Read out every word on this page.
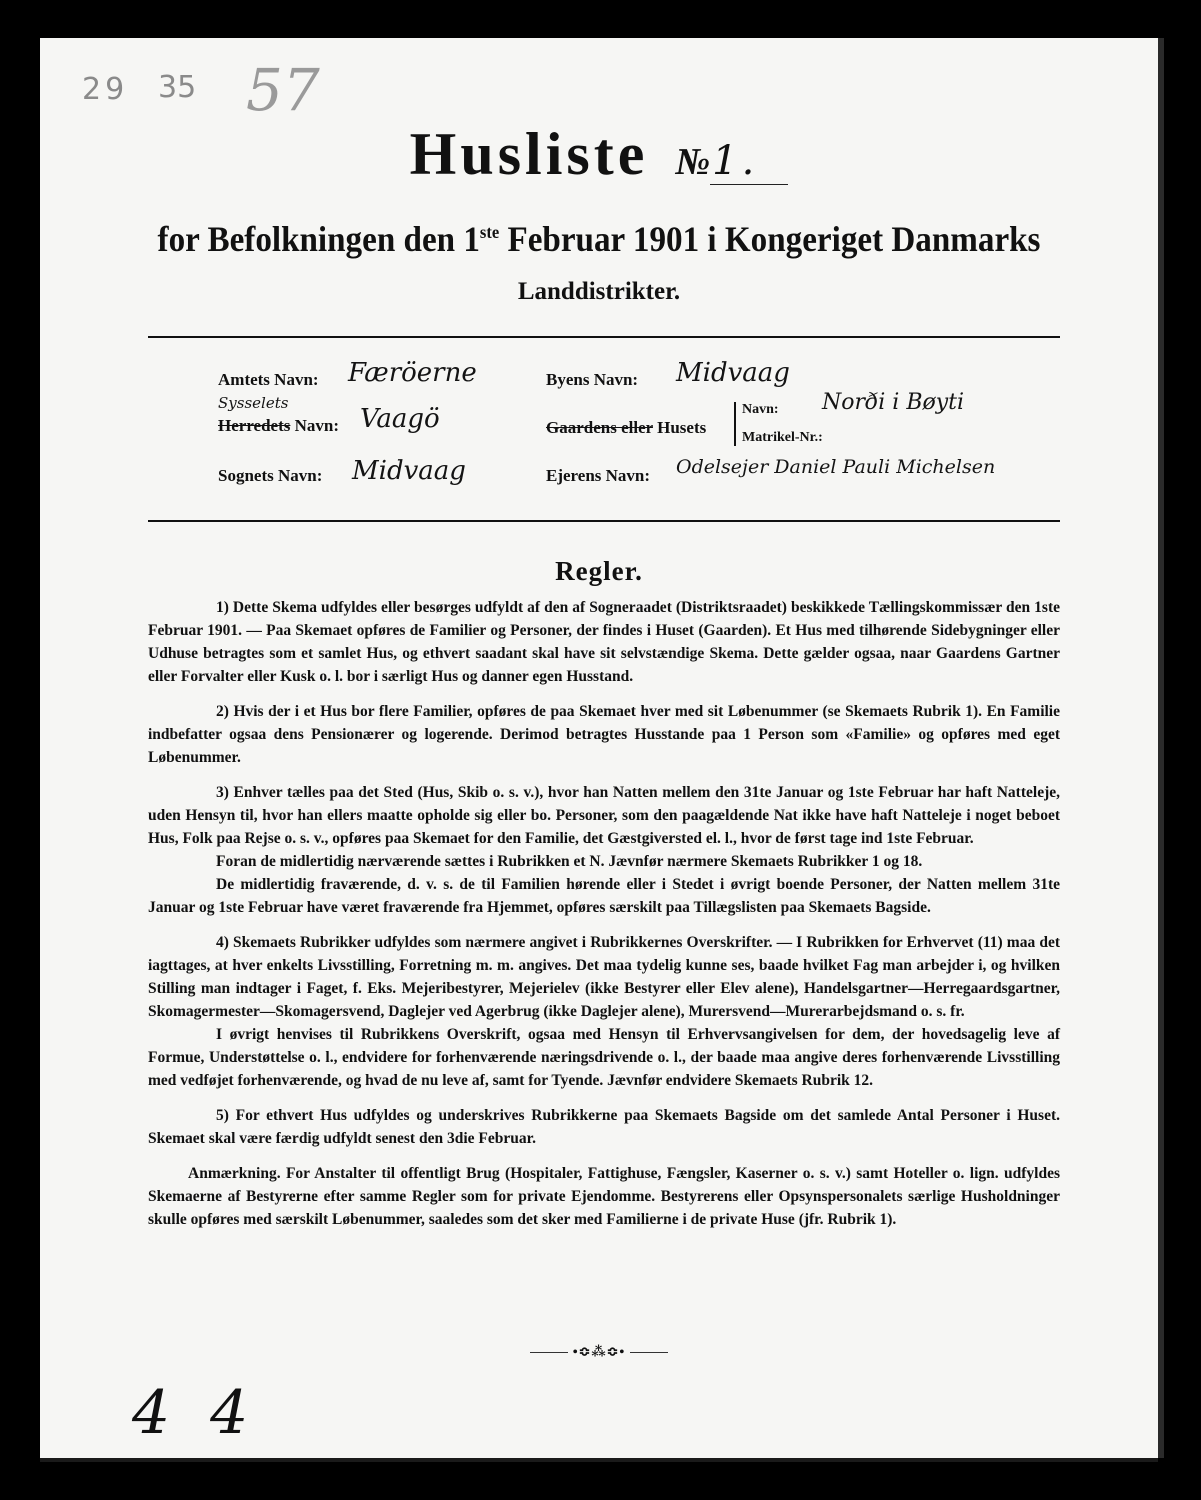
29 35 57
Husliste №1.
for Befolkningen den 1ste Februar 1901 i Kongeriget Danmarks
Landdistrikter.
Amtets Navn: Færöerne
Sysselets
Herredets Navn: Vaagö
Sognets Navn: Midvaag
Byens Navn: Midvaag
Gaardens eller Husets
Navn: Norði i Bøyti
Matrikel-Nr.:
Ejerens Navn: Odelsejer Daniel Pauli Michelsen
Regler.

1) Dette Skema udfyldes eller besørges udfyldt af den af Sogneraadet (Distriktsraadet) beskikkede Tællingskommissær den 1ste Februar 1901. — Paa Skemaet opføres de Familier og Personer, der findes i Huset (Gaarden). Et Hus med tilhørende Sidebygninger eller Udhuse betragtes som et samlet Hus, og ethvert saadant skal have sit selvstændige Skema. Dette gælder ogsaa, naar Gaardens Gartner eller Forvalter eller Kusk o. l. bor i særligt Hus og danner egen Husstand.

2) Hvis der i et Hus bor flere Familier, opføres de paa Skemaet hver med sit Løbenummer (se Skemaets Rubrik 1). En Familie indbefatter ogsaa dens Pensionærer og logerende. Derimod betragtes Husstande paa 1 Person som «Familie» og opføres med eget Løbenummer.

3) Enhver tælles paa det Sted (Hus, Skib o. s. v.), hvor han Natten mellem den 31te Januar og 1ste Februar har haft Natteleje, uden Hensyn til, hvor han ellers maatte opholde sig eller bo. Personer, som den paagældende Nat ikke have haft Natteleje i noget beboet Hus, Folk paa Rejse o. s. v., opføres paa Skemaet for den Familie, det Gæstgiversted el. l., hvor de først tage ind 1ste Februar.

Foran de midlertidig nærværende sættes i Rubrikken et N. Jævnfør nærmere Skemaets Rubrikker 1 og 18.

De midlertidig fraværende, d. v. s. de til Familien hørende eller i Stedet i øvrigt boende Personer, der Natten mellem 31te Januar og 1ste Februar have været fraværende fra Hjemmet, opføres særskilt paa Tillægslisten paa Skemaets Bagside.

4) Skemaets Rubrikker udfyldes som nærmere angivet i Rubrikkernes Overskrifter. — I Rubrikken for Erhvervet (11) maa det iagttages, at hver enkelts Livsstilling, Forretning m. m. angives. Det maa tydelig kunne ses, baade hvilket Fag man arbejder i, og hvilken Stilling man indtager i Faget, f. Eks. Mejeribestyrer, Mejerielev (ikke Bestyrer eller Elev alene), Handelsgartner—Herregaardsgartner, Skomagermester—Skomagersvend, Daglejer ved Agerbrug (ikke Daglejer alene), Murersvend—Murerarbejdsmand o. s. fr.

I øvrigt henvises til Rubrikkens Overskrift, ogsaa med Hensyn til Erhvervsangivelsen for dem, der hovedsagelig leve af Formue, Understøttelse o. l., endvidere for forhenværende næringsdrivende o. l., der baade maa angive deres forhenværende Livsstilling med vedføjet forhenværende, og hvad de nu leve af, samt for Tyende. Jævnfør endvidere Skemaets Rubrik 12.

5) For ethvert Hus udfyldes og underskrives Rubrikkerne paa Skemaets Bagside om det samlede Antal Personer i Huset. Skemaet skal være færdig udfyldt senest den 3die Februar.

Anmærkning. For Anstalter til offentligt Brug (Hospitaler, Fattighuse, Fængsler, Kaserner o. s. v.) samt Hoteller o. lign. udfyldes Skemaerne af Bestyrerne efter samme Regler som for private Ejendomme. Bestyrerens eller Opsynspersonalets særlige Husholdninger skulle opføres med særskilt Løbenummer, saaledes som det sker med Familierne i de private Huse (jfr. Rubrik 1).

•≎⁂≎•
44
